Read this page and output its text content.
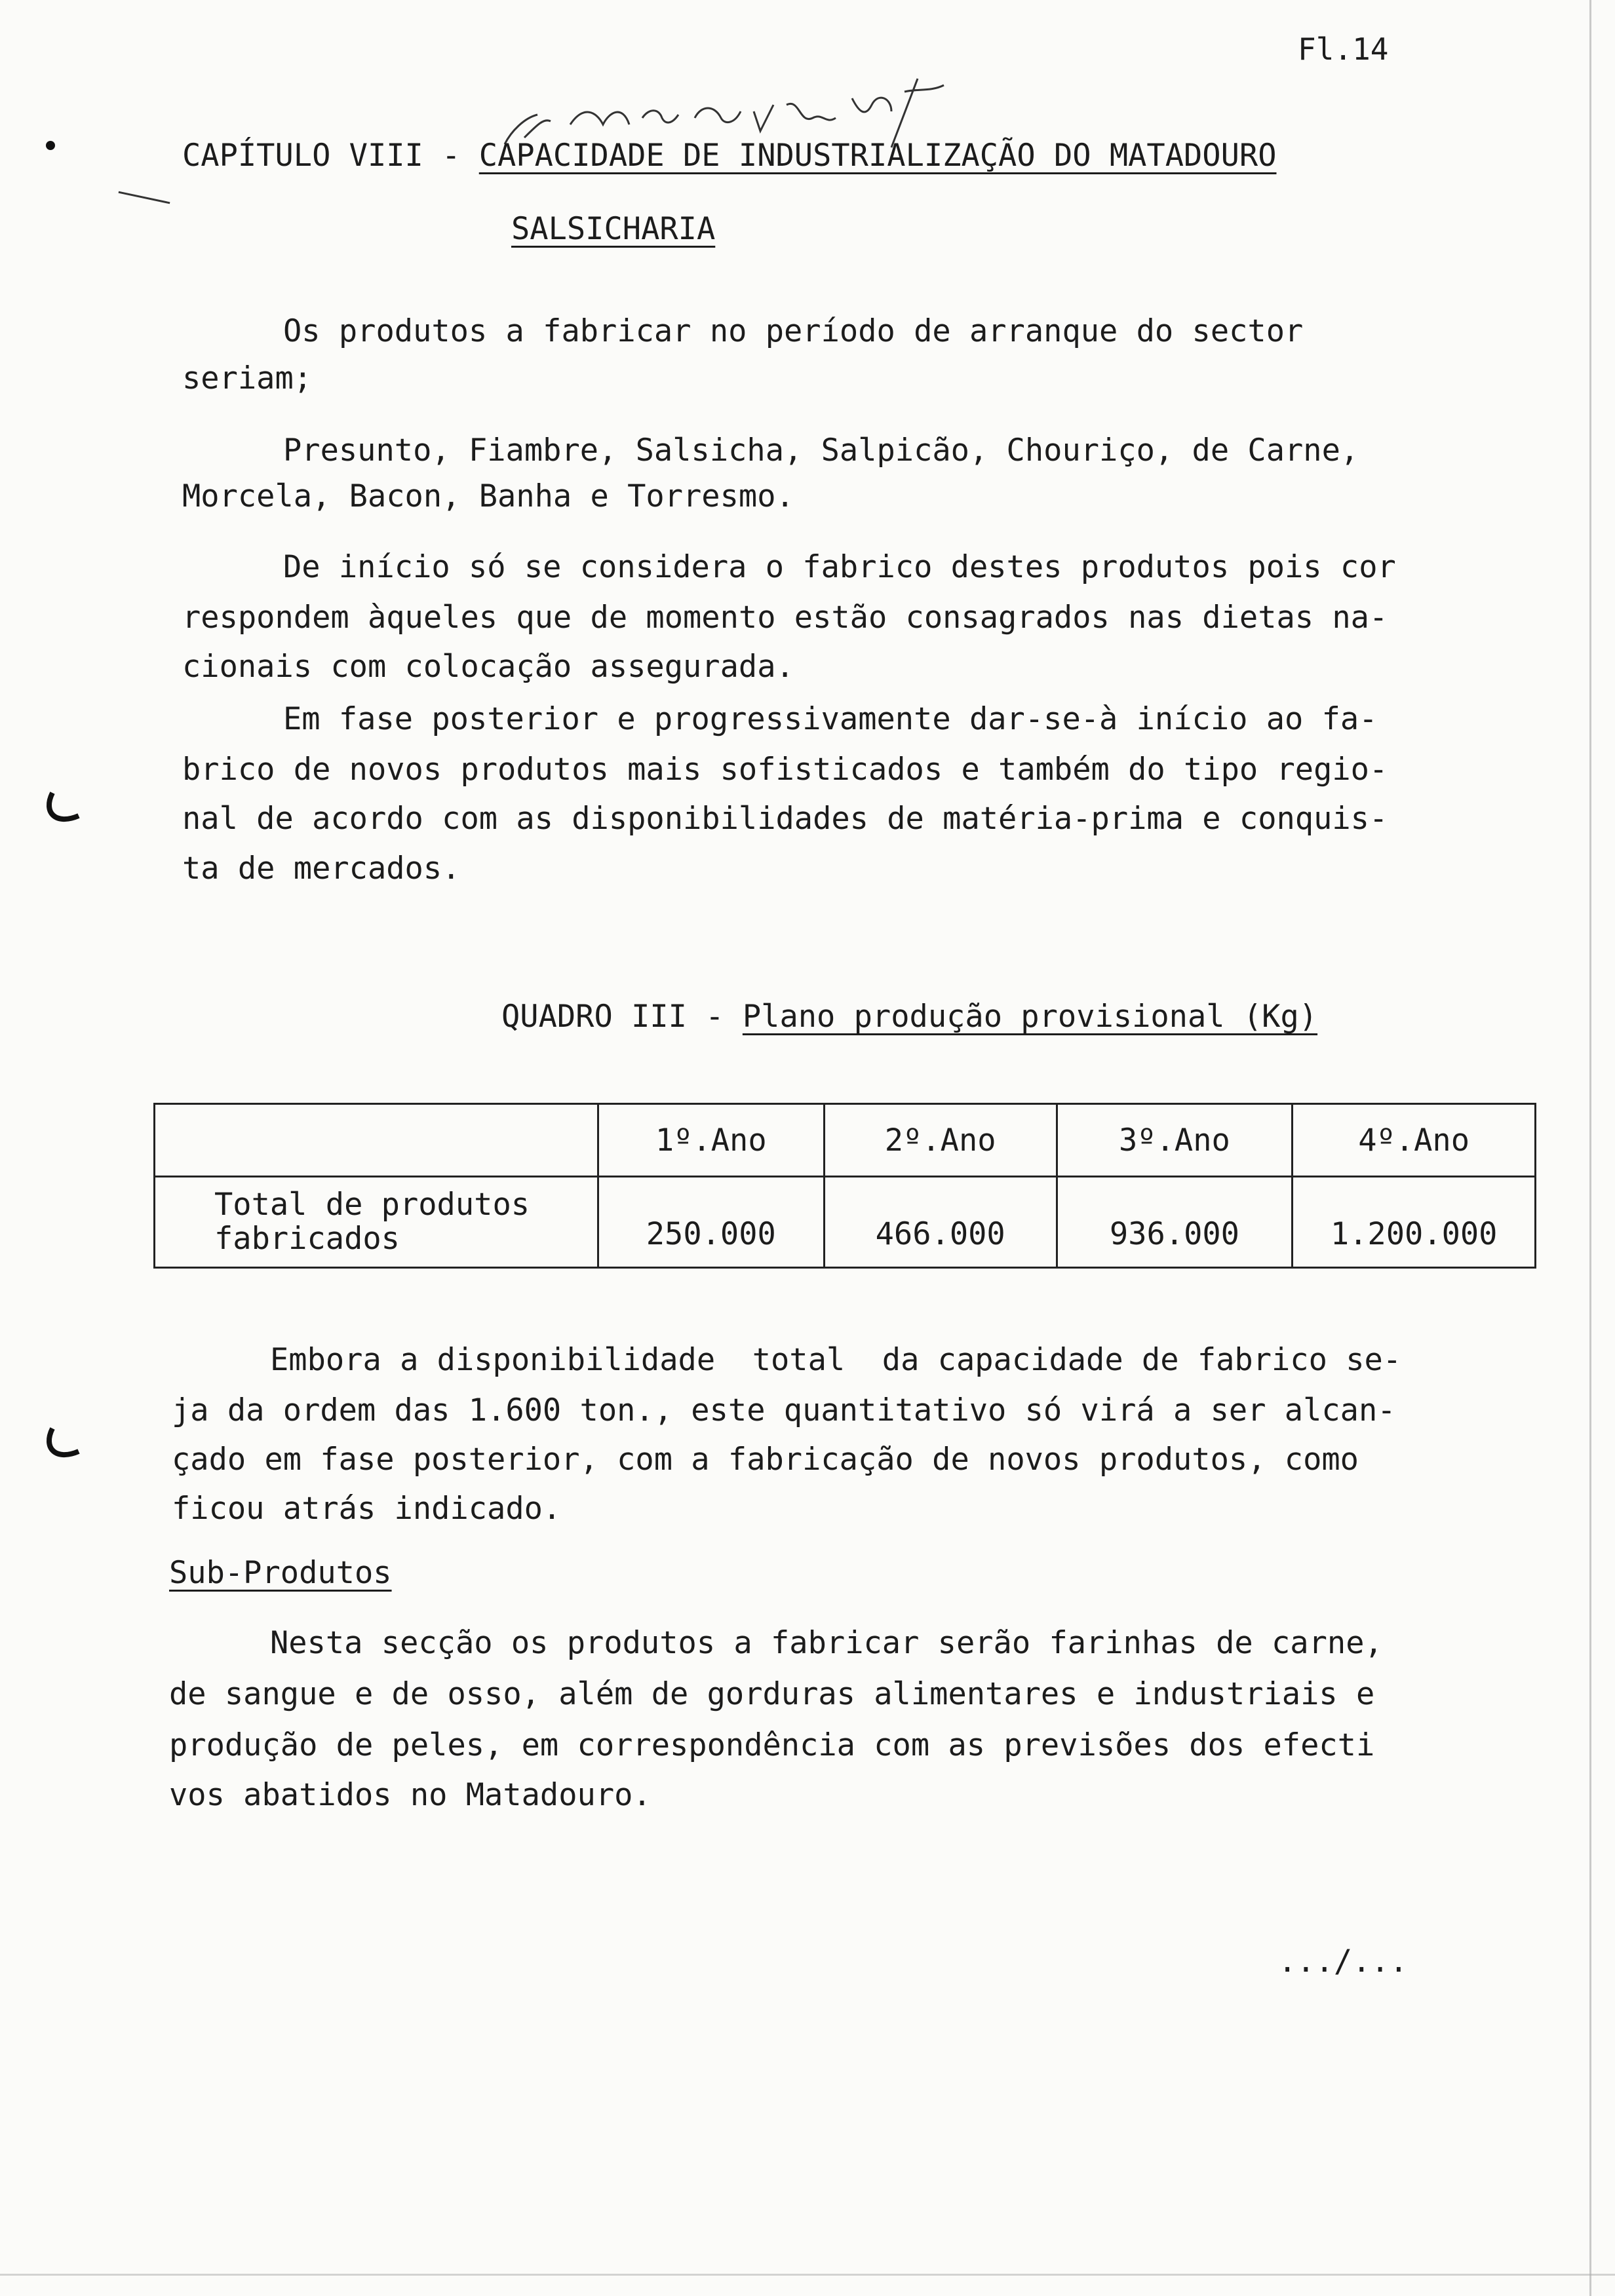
Fl.14
CAPÍTULO VIII - CAPACIDADE DE INDUSTRIALIZAÇÃO DO MATADOURO
SALSICHARIA
Os produtos a fabricar no período de arranque do sector
seriam;
Presunto, Fiambre, Salsicha, Salpicão, Chouriço, de Carne,
Morcela, Bacon, Banha e Torresmo.
De início só se considera o fabrico destes produtos pois cor
respondem àqueles que de momento estão consagrados nas dietas na-
cionais com colocação assegurada.
Em fase posterior e progressivamente dar-se-à início ao fa-
brico de novos produtos mais sofisticados e também do tipo regio-
nal de acordo com as disponibilidades de matéria-prima e conquis-
ta de mercados.
QUADRO III - Plano produção provisional (Kg)
	1º.Ano	2º.Ano	3º.Ano	4º.Ano

Total de produtos
fabricados	250.000	466.000	936.000	1.200.000
Embora a disponibilidade  total  da capacidade de fabrico se-
ja da ordem das 1.600 ton., este quantitativo só virá a ser alcan-
çado em fase posterior, com a fabricação de novos produtos, como
ficou atrás indicado.
Sub-Produtos
Nesta secção os produtos a fabricar serão farinhas de carne,
de sangue e de osso, além de gorduras alimentares e industriais e
produção de peles, em correspondência com as previsões dos efecti
vos abatidos no Matadouro.
.../...
